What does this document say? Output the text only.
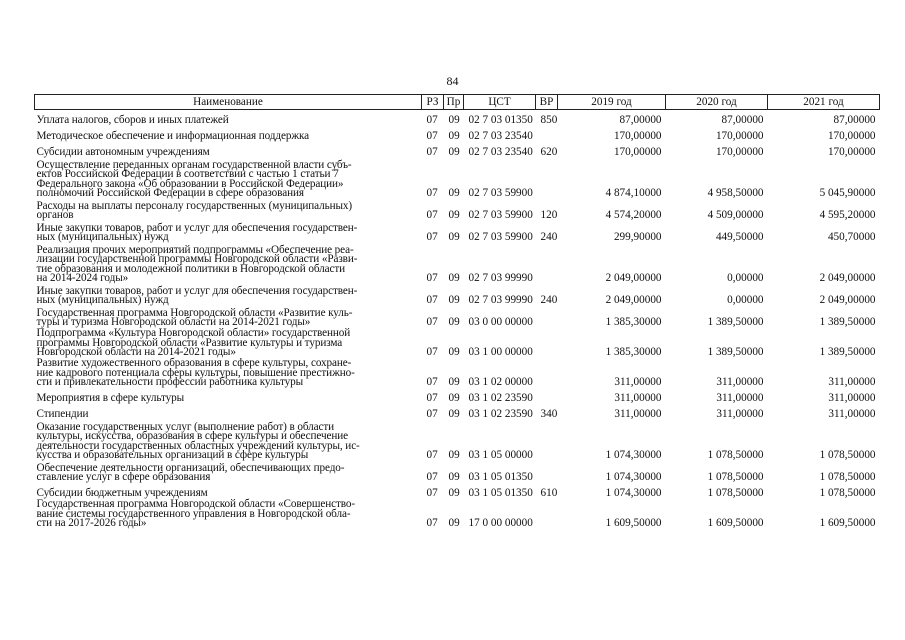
84
Наименование	РЗ	Пр	ЦСТ	ВР	2019 год	2020 год	2021 год

Уплата налогов, сборов и иных платежей	07	09	02 7 03 01350	850	87,00000	87,00000	87,00000

Методическое обеспечение и информационная поддержка	07	09	02 7 03 23540		170,00000	170,00000	170,00000

Субсидии автономным учреждениям	07	09	02 7 03 23540	620	170,00000	170,00000	170,00000

Осуществление переданных органам государственной власти субъ-
ектов Российской Федерации в соответствии с частью 1 статьи 7
Федерального закона «Об образовании в Российской Федерации»
полномочий Российской Федерации в сфере образования	07	09	02 7 03 59900		4 874,10000	4 958,50000	5 045,90000

Расходы на выплаты персоналу государственных (муниципальных)
органов	07	09	02 7 03 59900	120	4 574,20000	4 509,00000	4 595,20000

Иные закупки товаров, работ и услуг для обеспечения государствен-
ных (муниципальных) нужд	07	09	02 7 03 59900	240	299,90000	449,50000	450,70000

Реализация прочих мероприятий подпрограммы «Обеспечение реа-
лизации государственной программы Новгородской области «Разви-
тие образования и молодежной политики в Новгородской области
на 2014-2024 годы»	07	09	02 7 03 99990		2 049,00000	0,00000	2 049,00000

Иные закупки товаров, работ и услуг для обеспечения государствен-
ных (муниципальных) нужд	07	09	02 7 03 99990	240	2 049,00000	0,00000	2 049,00000

Государственная программа Новгородской области «Развитие куль-
туры и туризма Новгородской области на 2014-2021 годы»	07	09	03 0 00 00000		1 385,30000	1 389,50000	1 389,50000

Подпрограмма «Культура Новгородской области» государственной
программы Новгородской области «Развитие культуры и туризма
Новгородской области на 2014-2021 годы»	07	09	03 1 00 00000		1 385,30000	1 389,50000	1 389,50000

Развитие художественного образования в сфере культуры, сохране-
ние кадрового потенциала сферы культуры, повышение престижно-
сти и привлекательности профессии работника культуры	07	09	03 1 02 00000		311,00000	311,00000	311,00000

Мероприятия в сфере культуры	07	09	03 1 02 23590		311,00000	311,00000	311,00000

Стипендии	07	09	03 1 02 23590	340	311,00000	311,00000	311,00000

Оказание государственных услуг (выполнение работ) в области
культуры, искусства, образования в сфере культуры и обеспечение
деятельности государственных областных учреждений культуры, ис-
кусства и образовательных организаций в сфере культуры	07	09	03 1 05 00000		1 074,30000	1 078,50000	1 078,50000

Обеспечение деятельности организаций, обеспечивающих предо-
ставление услуг в сфере образования	07	09	03 1 05 01350		1 074,30000	1 078,50000	1 078,50000

Субсидии бюджетным учреждениям	07	09	03 1 05 01350	610	1 074,30000	1 078,50000	1 078,50000

Государственная программа Новгородской области «Совершенство-
вание системы государственного управления в Новгородской обла-
сти на 2017-2026 годы»	07	09	17 0 00 00000		1 609,50000	1 609,50000	1 609,50000
